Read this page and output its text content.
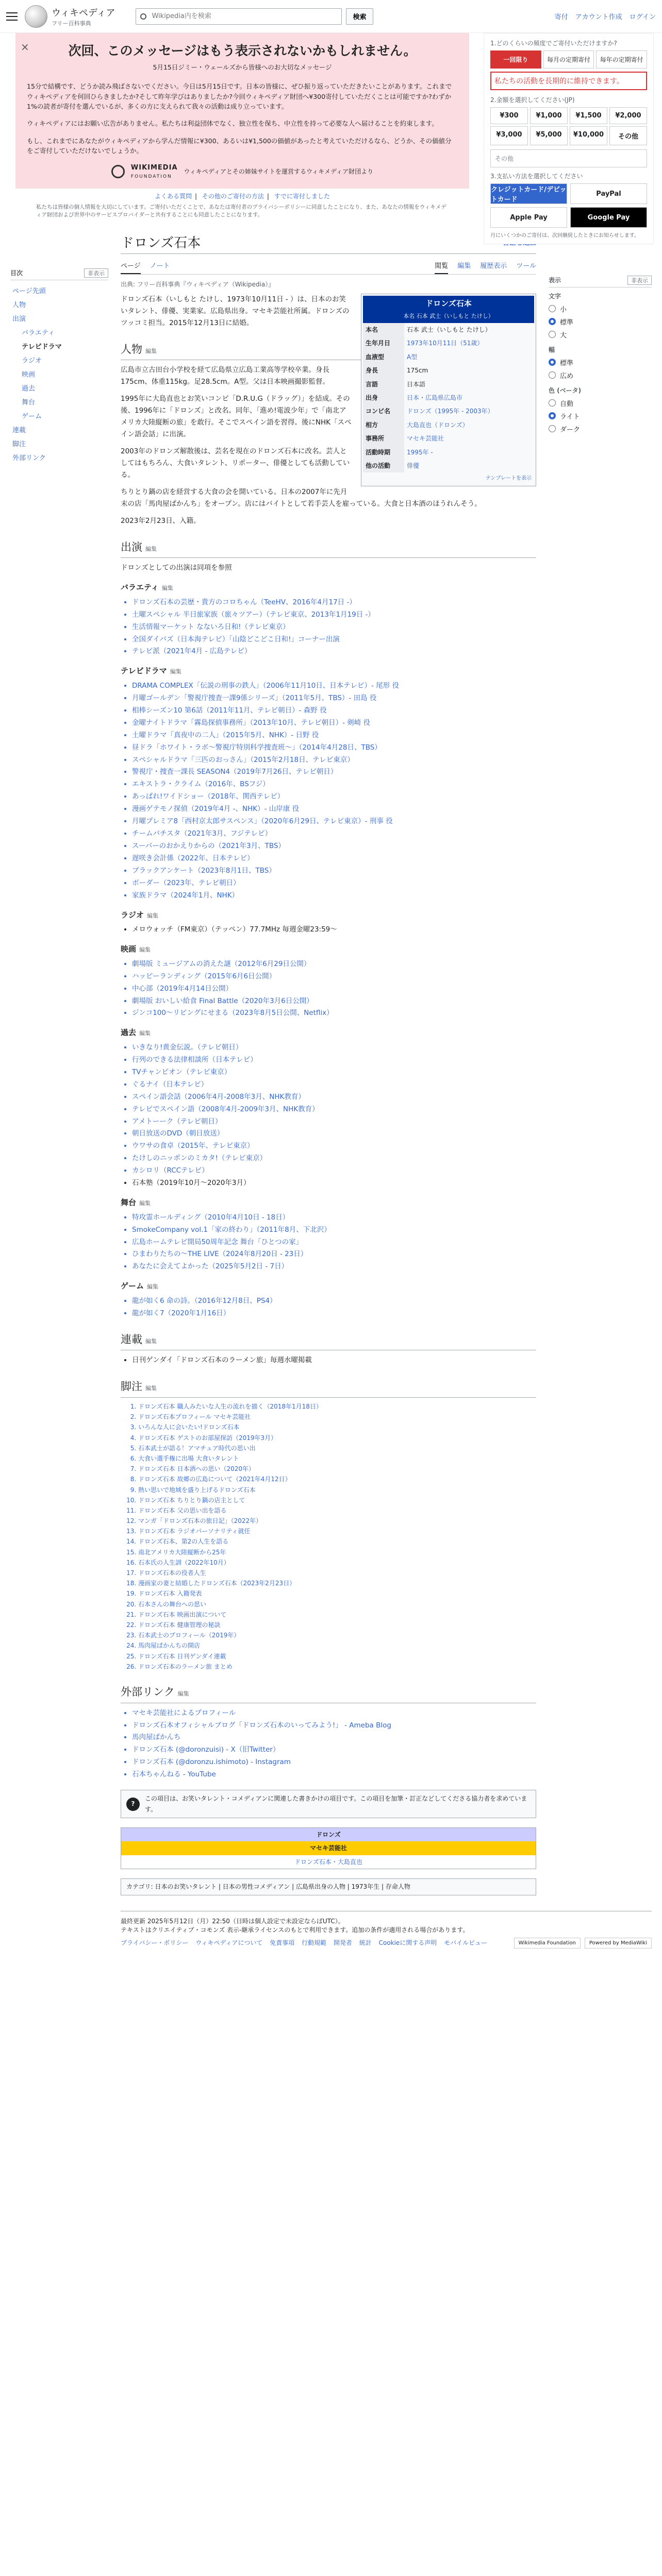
ウィキペディア
フリー百科事典
Wikipedia内を検索
検索	寄付 アカウント作成 ログイン
×	次回、このメッセージはもう表示されないかもしれません。
5月15日ジミー・ウェールズから皆様へのお大切なメッセージ

15分で結構です、どうか読み飛ばさないでください。今日は5月15日です。日本の皆様に、ぜひ振り返っていただきたいことがあります。これまでウィキペディアを何回ひらきましたか?そして昨年学びはありましたか?今回ウィキペディア財団へ¥300寄付していただくことは可能ですか?わずか1%の読者が寄付を選んでいるが、多くの方に支えられて我々の活動は成り立っています。

ウィキペディアにはお願い広告がありません。私たちは利益団体でなく、独立性を保ち、中立性を持って必要な人へ届けることを約束します。

もし、これまでにあなたがウィキペディアから学んだ情報に¥300、あるいは¥1,500の価値があったと考えていただけるなら、どうか、その価値分をご寄付していただけないでしょうか。

WIKIMEDIA
FOUNDATION
ウィキペディアとその姉妹サイトを運営するウィキメディア財団より
よくある質問 | その他のご寄付の方法 | すでに寄付しました
私たちは皆様の個人情報を大切にしています。ご寄付いただくことで、あなたは寄付者のプライバシーポリシーに同意したことになり、また、あなたの情報をウィキメディア財団および世界中のサービスプロバイダーと共有することにも同意したことになります。
1.どのくらいの頻度でご寄付いただけますか?
一回限り	毎月の定期寄付	毎年の定期寄付
私たちの活動を長期的に維持できます。
2.金額を選択してください(JP)
¥300	¥1,000	¥1,500	¥2,000
¥3,000	¥5,000	¥10,000	その他
その他
3.支払い方法を選択してください
クレジットカード/デビットカード
PayPal
Apple Pay	Google Pay
月にいくつかのご寄付は、次回継続したときにお知らせします。
目次	非表示
ページ先頭
人物
出演
バラエティ
テレビドラマ
ラジオ
映画
過去
舞台
ゲーム
連載
脚注
外部リンク
ドロンズ石本
ページ ノート	閲覧 編集 履歴表示 ツール
出典: フリー百科事典『ウィキペディア（Wikipedia）』
ドロンズ石本
本名 石本 武士（いしもと たけし）
本名	石本 武士（いしもと たけし）
生年月日	1973年10月11日（51歳）
血液型	A型
身長	175cm
言語	日本語
出身	日本・広島県広島市
コンビ名	ドロンズ（1995年 - 2003年）
相方	大島直也（ドロンズ）
事務所	マセキ芸能社
活動時期	1995年 -
他の活動	俳優
テンプレートを表示

ドロンズ石本（いしもと たけし、1973年10月11日 - ）は、日本のお笑いタレント、俳優、実業家。広島県出身。マセキ芸能社所属。ドロンズのツッコミ担当。2015年12月13日に結婚。

人物 編集

広島市立古田台小学校を経て広島県立広島工業高等学校卒業。身長175cm、体重115kg。足28.5cm。A型。父は日本映画撮影監督。

1995年に大島直也とお笑いコンビ「D.R.U.G（ドラッグ）」を結成。その後、1996年に「ドロンズ」と改名。同年、「進め!電波少年」で「南北アメリカ大陸縦断の旅」を敢行。そこでスペイン語を習得。後にNHK「スペイン語会話」に出演。

2003年のドロンズ解散後は、芸名を現在のドロンズ石本に改名。芸人としてはもちろん、大食いタレント、リポーター、俳優としても活動している。

ちりとり鍋の店を経営する大食の会を開いている。日本の2007年に先月末の店「馬肉屋ぱかんち」をオープン。店にはバイトとして若手芸人を雇っている。大食と日本酒のほうれんそう。

2023年2月23日、入籍。

出演 編集

ドロンズとしての出演は同項を参照

バラエティ 編集
• ドロンズ石本の芸歴・貴方のコロちゃん（TeeHV、2016年4月17日 -）
• 土曜スペシャル 半日旅家族（旅々ツアー）（テレビ東京、2013年1月19日 -）
• 生活情報マーケット なないろ日和!（テレビ東京）
• 全国ダイバズ（日本海テレビ）「山陰どこどこ日和!」コーナー出演
• テレビ派（2021年4月 - 広島テレビ）
テレビドラマ 編集
• DRAMA COMPLEX「伝説の刑事の鉄人」（2006年11月10日、日本テレビ）- 尾形 役
• 月曜ゴールデン「警視庁捜査一課9係シリーズ」（2011年5月、TBS）- 田島 役
• 相棒シーズン10 第6話（2011年11月、テレビ朝日）- 森野 役
• 金曜ナイトドラマ「霧島探偵事務所」（2013年10月、テレビ朝日）- 剣崎 役
• 土曜ドラマ「真夜中の二人」（2015年5月、NHK）- 日野 役
• 昼ドラ「ホワイト・ラボ～警視庁特別科学捜査班～」（2014年4月28日、TBS）
• スペシャルドラマ「三匹のおっさん」（2015年2月18日、テレビ東京）
• 警視庁・捜査一課長 SEASON4（2019年7月26日、テレビ朝日）
• エキストラ・クライム（2016年、BSフジ）
• あっぱれ!ワイドショー（2018年、関西テレビ）
• 漫画ゲテモノ探偵（2019年4月 -、NHK）- 山岸康 役
• 月曜プレミア8「西村京太郎サスペンス」（2020年6月29日、テレビ東京）- 刑事 役
• チームバチスタ（2021年3月、フジテレビ）
• スーパーのおかえりからの（2021年3月、TBS）
• 遅咲き会計係（2022年、日本テレビ）
• ブラックアンケート（2023年8月1日、TBS）
• ボーダー（2023年、テレビ朝日）
• 家族ドラマ（2024年1月、NHK）
ラジオ 編集
• メロウォッチ（FM東京）（テッペン）77.7MHz 毎週金曜23:59〜
映画 編集
• 劇場版 ミュージアムの消えた謎（2012年6月29日公開）
• ハッピーランディング（2015年6月6日公開）
• 中心部（2019年4月14日公開）
• 劇場版 おいしい給食 Final Battle（2020年3月6日公開）
• ジンコ100〜リビングにせまる（2023年8月5日公開、Netflix）
過去 編集
• いきなり!黄金伝説。（テレビ朝日）
• 行列のできる法律相談所（日本テレビ）
• TVチャンピオン（テレビ東京）
• ぐるナイ（日本テレビ）
• スペイン語会話（2006年4月-2008年3月、NHK教育）
• テレビでスペイン語（2008年4月-2009年3月、NHK教育）
• アメトーーク（テレビ朝日）
• 朝日放送のDVD（朝日放送）
• ウワサの食卓（2015年、テレビ東京）
• たけしのニッポンのミカタ!（テレビ東京）
• カシロリ（RCCテレビ）
• 石本塾（2019年10月〜2020年3月）
舞台 編集
• 特攻霊ホールディング（2010年4月10日 - 18日）
• SmokeCompany vol.1「家の終わり」（2011年8月、下北沢）
• 広島ホームテレビ開局50周年記念 舞台「ひとつの家」
• ひまわりたちの〜THE LIVE（2024年8月20日 - 23日）
• あなたに会えてよかった（2025年5月2日 - 7日）
ゲーム 編集
• 龍が如く6 命の詩。（2016年12月8日、PS4）
• 龍が如く7（2020年1月16日）
連載 編集
• 日刊ゲンダイ「ドロンズ石本のラーメン旅」毎週水曜掲載
脚注 編集
1. ドロンズ石本 職人みたいな人生の流れを描く（2018年1月18日）
2. ドロンズ石本プロフィール マセキ芸能社
3. いろんな人に会いたい!ドロンズ石本
4. ドロンズ石本 ゲストのお部屋探訪（2019年3月）
5. 石本武士が語る！アマチュア時代の思い出
6. 大食い選手権に出場 大食いタレント
7. ドロンズ石本 日本酒への思い（2020年）
8. ドロンズ石本 故郷の広島について（2021年4月12日）
9. 熱い思いで地域を盛り上げるドロンズ石本
10. ドロンズ石本 ちりとり鍋の店主として
11. ドロンズ石本 父の思い出を語る
12. マンガ「ドロンズ石本の旅日記」（2022年）
13. ドロンズ石本 ラジオパーソナリティ就任
14. ドロンズ石本、第2の人生を語る
15. 南北アメリカ大陸縦断から25年
16. 石本氏の人生訓（2022年10月）
17. ドロンズ石本の役者人生
18. 漫画家の妻と結婚したドロンズ石本（2023年2月23日）
19. ドロンズ石本 入籍発表
20. 石本さんの舞台への思い
21. ドロンズ石本 映画出演について
22. ドロンズ石本 健康管理の秘訣
23. 石本武士のプロフィール（2019年）
24. 馬肉屋ぱかんちの開店
25. ドロンズ石本 日刊ゲンダイ連載
26. ドロンズ石本のラーメン旅 まとめ
外部リンク 編集
• マセキ芸能社によるプロフィール
• ドロンズ石本オフィシャルブログ「ドロンズ石本のいってみよう!」 - Ameba Blog
• 馬肉屋ぱかんち
• ドロンズ石本 (@doronzuisi) - X（旧Twitter）
• ドロンズ石本 (@doronzu.ishimoto) - Instagram
• 石本ちゃんねる - YouTube
?
この項目は、お笑いタレント・コメディアンに関連した書きかけの項目です。この項目を加筆・訂正などしてくださる協力者を求めています。
ドロンズ
マセキ芸能社
ドロンズ石本・大島直也
カテゴリ: 日本のお笑いタレント | 日本の男性コメディアン | 広島県出身の人物 | 1973年生 | 存命人物
表示	非表示
文字
小
標準
大
幅
標準
広め
色 (ベータ)
自動
ライト
ダーク
最終更新 2025年5月12日（月）22:50（日時は個人設定で未設定ならばUTC）。
テキストはクリエイティブ・コモンズ 表示-継承ライセンスのもとで利用できます。追加の条件が適用される場合があります。
プライバシー・ポリシー ウィキペディアについて 免責事項 行動規範 開発者 統計 Cookieに関する声明 モバイルビュー	Wikimedia Foundation	Powered by MediaWiki
